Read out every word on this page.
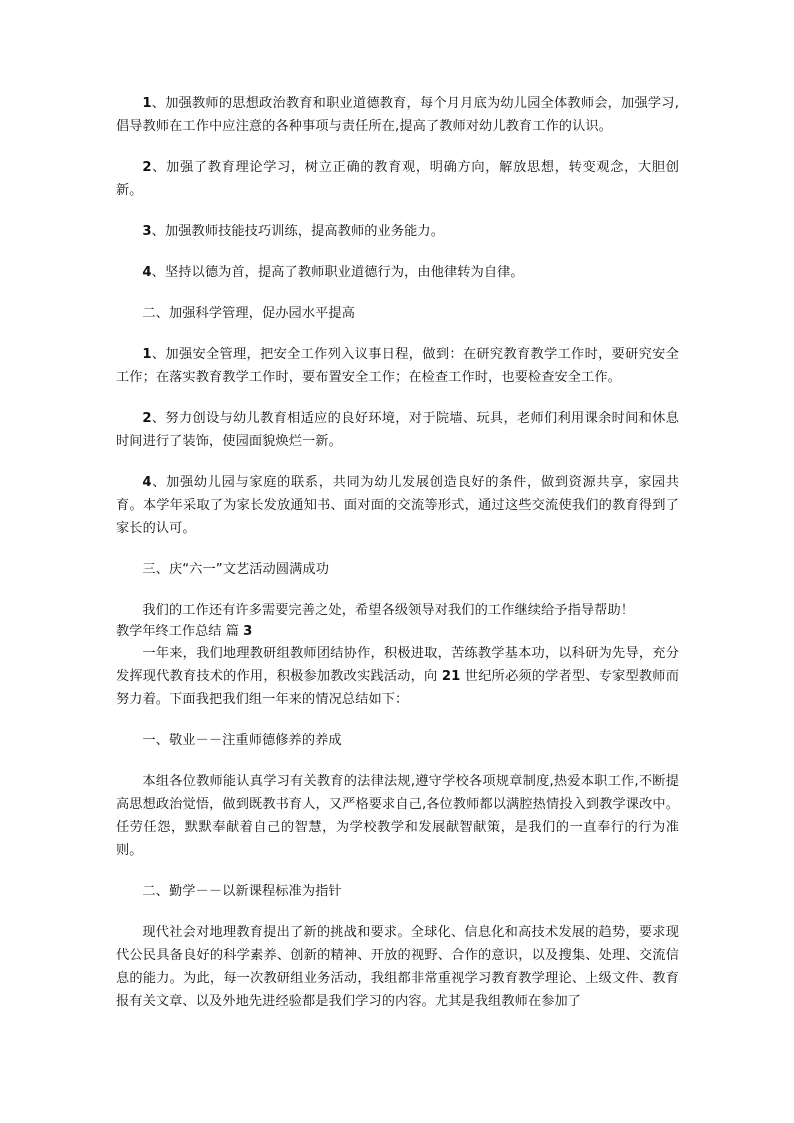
1、加强教师的思想政治教育和职业道德教育，每个月月底为幼儿园全体教师会，加强学习,倡导教师在工作中应注意的各种事项与责任所在,提高了教师对幼儿教育工作的认识。

2、加强了教育理论学习，树立正确的教育观，明确方向，解放思想，转变观念，大胆创新。

3、加强教师技能技巧训练，提高教师的业务能力。

4、坚持以德为首，提高了教师职业道德行为，由他律转为自律。

二、加强科学管理，促办园水平提高

1、加强安全管理，把安全工作列入议事日程，做到：在研究教育教学工作时，要研究安全工作；在落实教育教学工作时，要布置安全工作；在检查工作时，也要检查安全工作。

2、努力创设与幼儿教育相适应的良好环境，对于院墙、玩具，老师们利用课余时间和休息时间进行了装饰，使园面貌焕烂一新。

4、加强幼儿园与家庭的联系，共同为幼儿发展创造良好的条件，做到资源共享，家园共育。本学年采取了为家长发放通知书、面对面的交流等形式，通过这些交流使我们的教育得到了家长的认可。

三、庆“六一”文艺活动圆满成功

我们的工作还有许多需要完善之处，希望各级领导对我们的工作继续给予指导帮助！

教学年终工作总结 篇 3

一年来，我们地理教研组教师团结协作，积极进取，苦练教学基本功，以科研为先导，充分发挥现代教育技术的作用，积极参加教改实践活动，向 21 世纪所必须的学者型、专家型教师而努力着。下面我把我们组一年来的情况总结如下：

一、敬业－－注重师德修养的养成

本组各位教师能认真学习有关教育的法律法规,遵守学校各项规章制度,热爱本职工作,不断提高思想政治觉悟，做到既教书育人，又严格要求自己,各位教师都以满腔热情投入到教学课改中。任劳任怨，默默奉献着自己的智慧，为学校教学和发展献智献策，是我们的一直奉行的行为准则。

二、勤学－－以新课程标准为指针

现代社会对地理教育提出了新的挑战和要求。全球化、信息化和高技术发展的趋势，要求现代公民具备良好的科学素养、创新的精神、开放的视野、合作的意识，以及搜集、处理、交流信息的能力。为此，每一次教研组业务活动，我组都非常重视学习教育教学理论、上级文件、教育报有关文章、以及外地先进经验都是我们学习的内容。尤其是我组教师在参加了
